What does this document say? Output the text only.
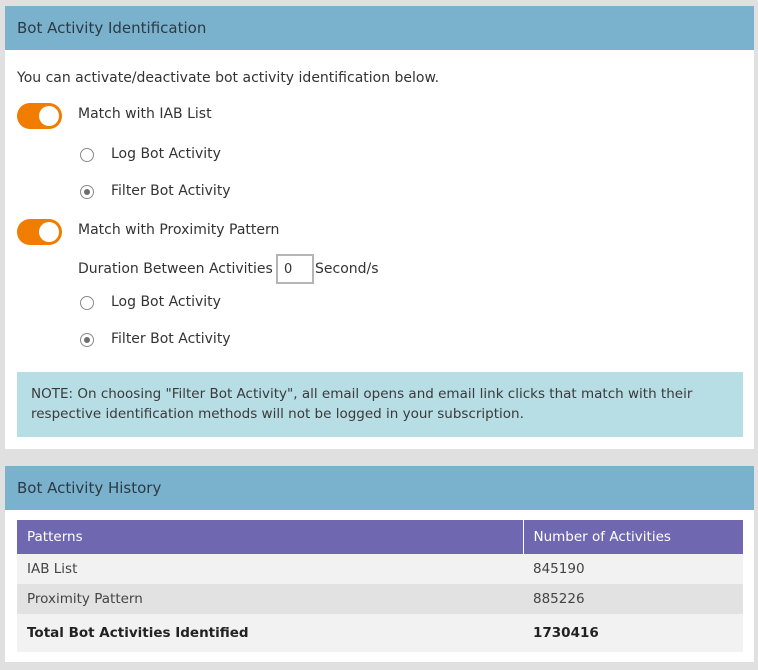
Bot Activity Identification
You can activate/deactivate bot activity identification below.
Match with IAB List
Log Bot Activity
Filter Bot Activity
Match with Proximity Pattern
Duration Between Activities
0	Second/s
Log Bot Activity
Filter Bot Activity
NOTE: On choosing "Filter Bot Activity", all email opens and email link clicks that match with their respective identification methods will not be logged in your subscription.
Bot Activity History
Patterns	Number of Activities
IAB List	845190
Proximity Pattern	885226
Total Bot Activities Identified	1730416
